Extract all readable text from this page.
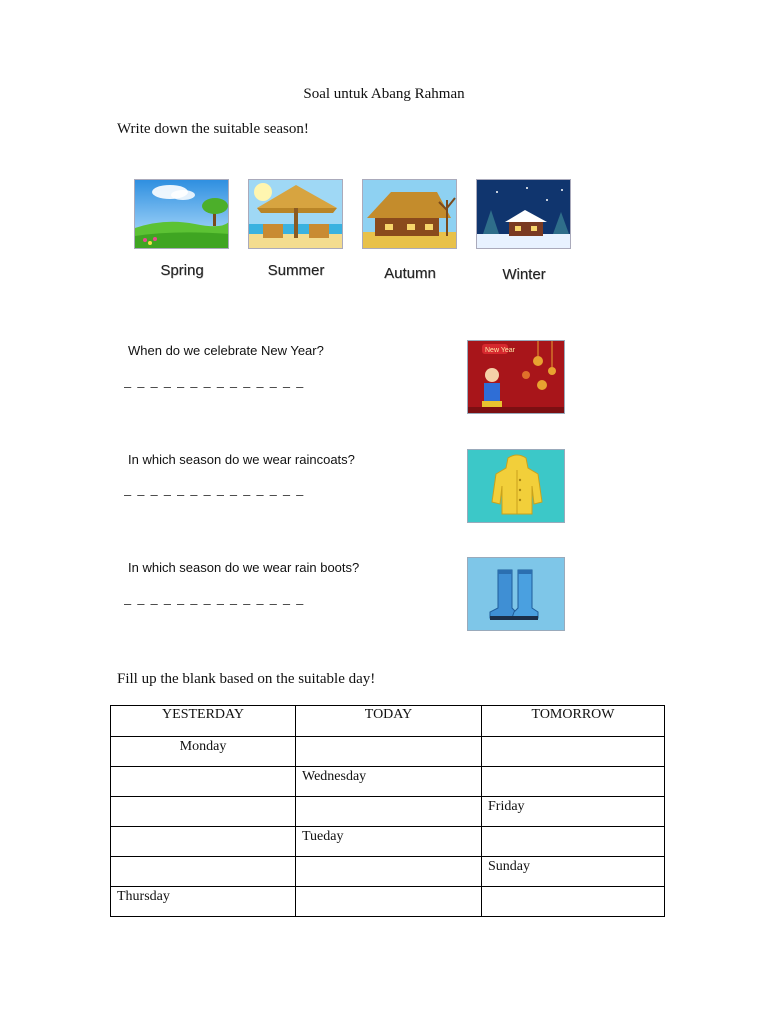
Soal untuk Abang Rahman
Write down the suitable season!
Spring	Summer	Autumn	Winter
When do we celebrate New Year?
– – – – – – – – – – – – – –
New Year
In which season do we wear raincoats?
– – – – – – – – – – – – – –
In which season do we wear rain boots?
– – – – – – – – – – – – – –
Fill up the blank based on the suitable day!
YESTERDAY	TODAY	TOMORROW

Monday		

	Wednesday	

		Friday

	Tueday	

		Sunday

Thursday		
